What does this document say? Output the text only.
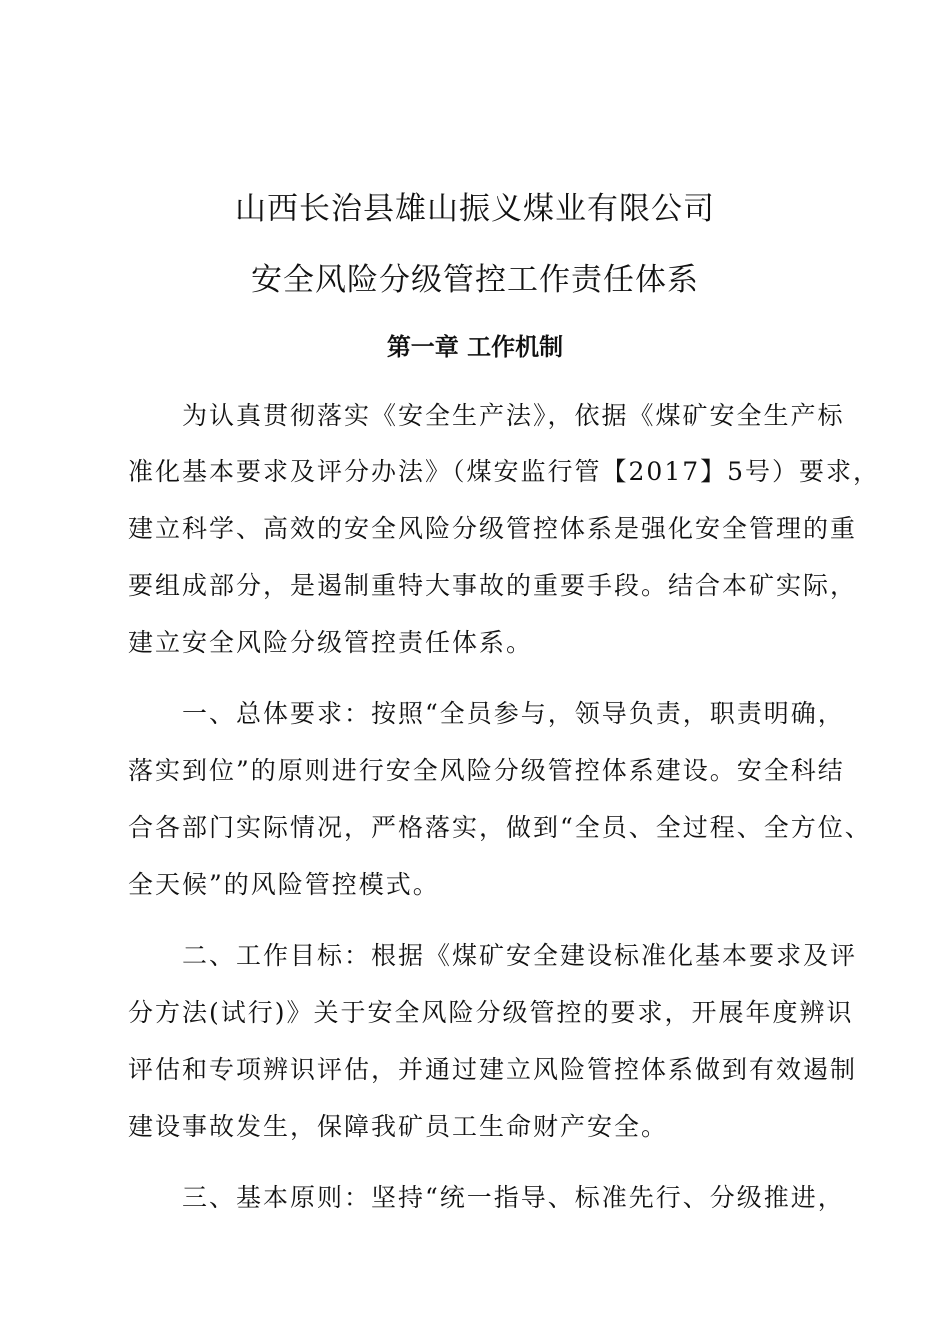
山西长治县雄山振义煤业有限公司
安全风险分级管控工作责任体系
第一章 工作机制
　　为认真贯彻落实《安全生产法》，依据《煤矿安全生产标
准化基本要求及评分办法》（煤安监行管【2017】5号）要求，
建立科学、高效的安全风险分级管控体系是强化安全管理的重
要组成部分，是遏制重特大事故的重要手段。结合本矿实际，
建立安全风险分级管控责任体系。
　　一、总体要求：按照“全员参与，领导负责，职责明确，
落实到位”的原则进行安全风险分级管控体系建设。安全科结
合各部门实际情况，严格落实，做到“全员、全过程、全方位、
全天候”的风险管控模式。
　　二、工作目标：根据《煤矿安全建设标准化基本要求及评
分方法(试行)》关于安全风险分级管控的要求，开展年度辨识
评估和专项辨识评估，并通过建立风险管控体系做到有效遏制
建设事故发生，保障我矿员工生命财产安全。
　　三、基本原则：坚持“统一指导、标准先行、分级推进，
